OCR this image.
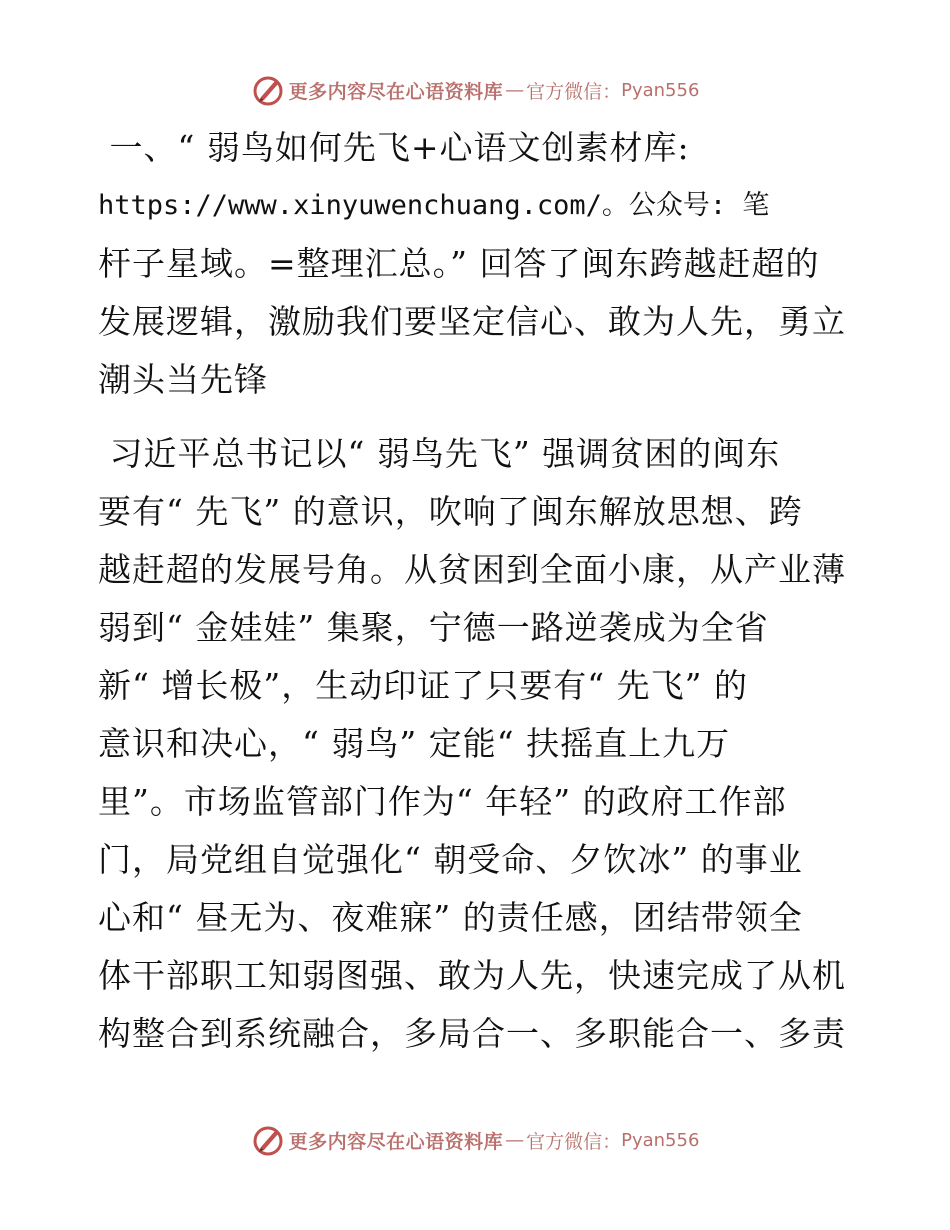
更多内容尽在心语资料库 — 官方微信： Pyan556
一、“ 弱鸟如何先飞+心语文创素材库:
https://www.xinyuwenchuang.com/。公众号: 笔
杆子星域。=整理汇总。” 回答了闽东跨越赶超的
发展逻辑，激励我们要坚定信心、敢为人先，勇立
潮头当先锋
习近平总书记以“ 弱鸟先飞” 强调贫困的闽东
要有“ 先飞” 的意识，吹响了闽东解放思想、跨
越赶超的发展号角。从贫困到全面小康，从产业薄
弱到“ 金娃娃” 集聚，宁德一路逆袭成为全省
新“ 增长极”，生动印证了只要有“ 先飞” 的
意识和决心，“ 弱鸟” 定能“ 扶摇直上九万
里”。市场监管部门作为“ 年轻” 的政府工作部
门，局党组自觉强化“ 朝受命、夕饮冰” 的事业
心和“ 昼无为、夜难寐” 的责任感，团结带领全
体干部职工知弱图强、敢为人先，快速完成了从机
构整合到系统融合，多局合一、多职能合一、多责
更多内容尽在心语资料库 — 官方微信： Pyan556
